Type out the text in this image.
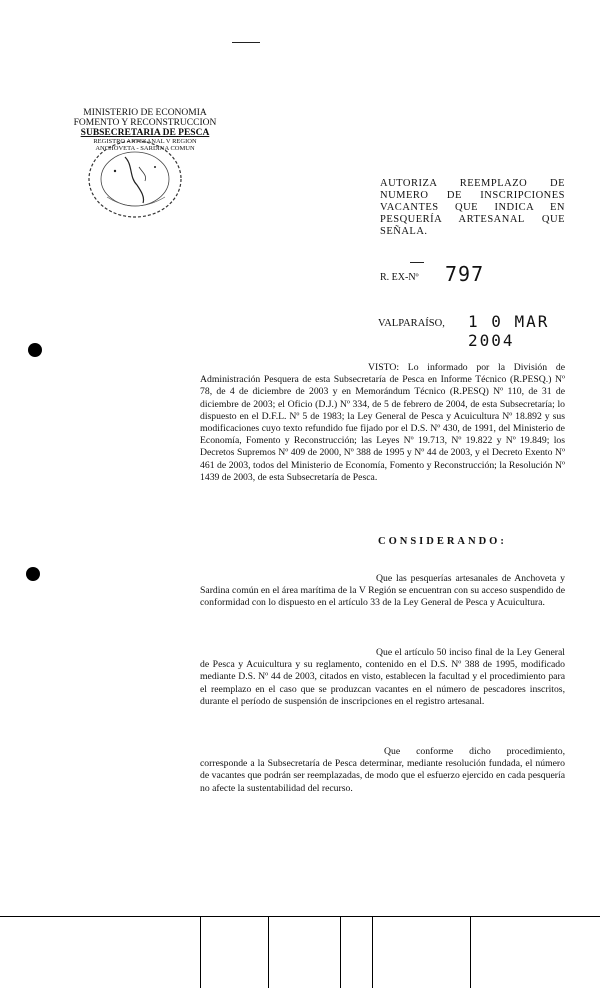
MINISTERIO DE ECONOMIA
FOMENTO Y RECONSTRUCCION
SUBSECRETARIA DE PESCA
REGISTRO ARTESANAL V REGION
ANCHOVETA - SARDINA COMUN
AUTORIZA REEMPLAZO DE
NUMERO DE INSCRIPCIONES
VACANTES QUE INDICA EN
PESQUERÍA ARTESANAL QUE
SEÑALA.
R. EX-Nº 797
VALPARAÍSO, 1 0 MAR 2004
VISTO: Lo informado por la División de Administración Pesquera de esta Subsecretaría de Pesca en Informe Técnico (R.PESQ.) Nº 78, de 4 de diciembre de 2003 y en Memorándum Técnico (R.PESQ) Nº 110, de 31 de diciembre de 2003; el Oficio (D.J.) Nº 334, de 5 de febrero de 2004, de esta Subsecretaría; lo dispuesto en el D.F.L. Nº 5 de 1983; la Ley General de Pesca y Acuicultura Nº 18.892 y sus modificaciones cuyo texto refundido fue fijado por el D.S. Nº 430, de 1991, del Ministerio de Economía, Fomento y Reconstrucción; las Leyes Nº 19.713, Nº 19.822 y Nº 19.849; los Decretos Supremos Nº 409 de 2000, Nº 388 de 1995 y Nº 44 de 2003, y el Decreto Exento Nº 461 de 2003, todos del Ministerio de Economía, Fomento y Reconstrucción; la Resolución Nº 1439 de 2003, de esta Subsecretaría de Pesca.
CONSIDERANDO:
Que las pesquerías artesanales de Anchoveta y Sardina común en el área marítima de la V Región se encuentran con su acceso suspendido de conformidad con lo dispuesto en el artículo 33 de la Ley General de Pesca y Acuicultura.
Que el artículo 50 inciso final de la Ley General de Pesca y Acuicultura y su reglamento, contenido en el D.S. Nº 388 de 1995, modificado mediante D.S. Nº 44 de 2003, citados en visto, establecen la facultad y el procedimiento para el reemplazo en el caso que se produzcan vacantes en el número de pescadores inscritos, durante el período de suspensión de inscripciones en el registro artesanal.
Que conforme dicho procedimiento, corresponde a la Subsecretaría de Pesca determinar, mediante resolución fundada, el número de vacantes que podrán ser reemplazadas, de modo que el esfuerzo ejercido en cada pesquería no afecte la sustentabilidad del recurso.
